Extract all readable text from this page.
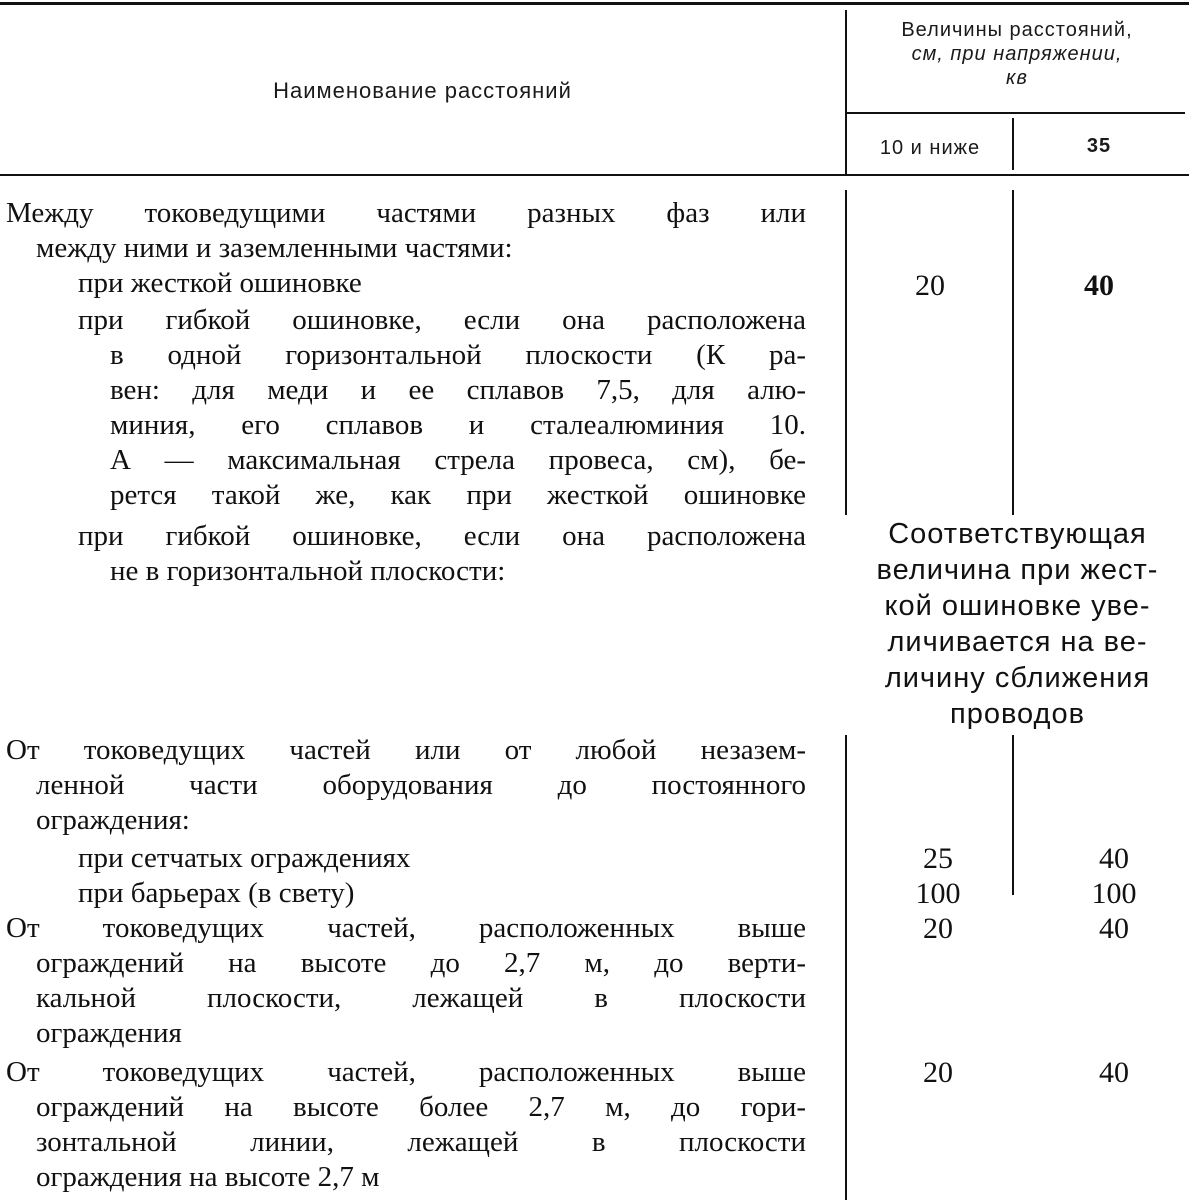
Наименование расстояний
Величины расстояний,
см, при напряжении,
кв
10 и ниже	35
Между токоведущими частями разных фаз или
между ними и заземленными частями:
при жесткой ошиновке	20	40
при гибкой ошиновке, если она расположена
в одной горизонтальной плоскости (К ра-
вен: для меди и ее сплавов 7,5, для алю-
миния, его сплавов и сталеалюминия 10.
А — максимальная стрела провеса, см), бе-
рется такой же, как при жесткой ошиновке
при гибкой ошиновке, если она расположена
не в горизонтальной плоскости:
Соответствующая
величина при жест-
кой ошиновке уве-
личивается на ве-
личину сближения
проводов
От токоведущих частей или от любой незазем-
ленной части оборудования до постоянного
ограждения:
при сетчатых ограждениях	25	40
при барьерах (в свету)	100	100
От токоведущих частей, расположенных выше
ограждений на высоте до 2,7 м, до верти-
кальной плоскости, лежащей в плоскости
ограждения
20	40
От токоведущих частей, расположенных выше
ограждений на высоте более 2,7 м, до гори-
зонтальной линии, лежащей в плоскости
ограждения на высоте 2,7 м
20	40
